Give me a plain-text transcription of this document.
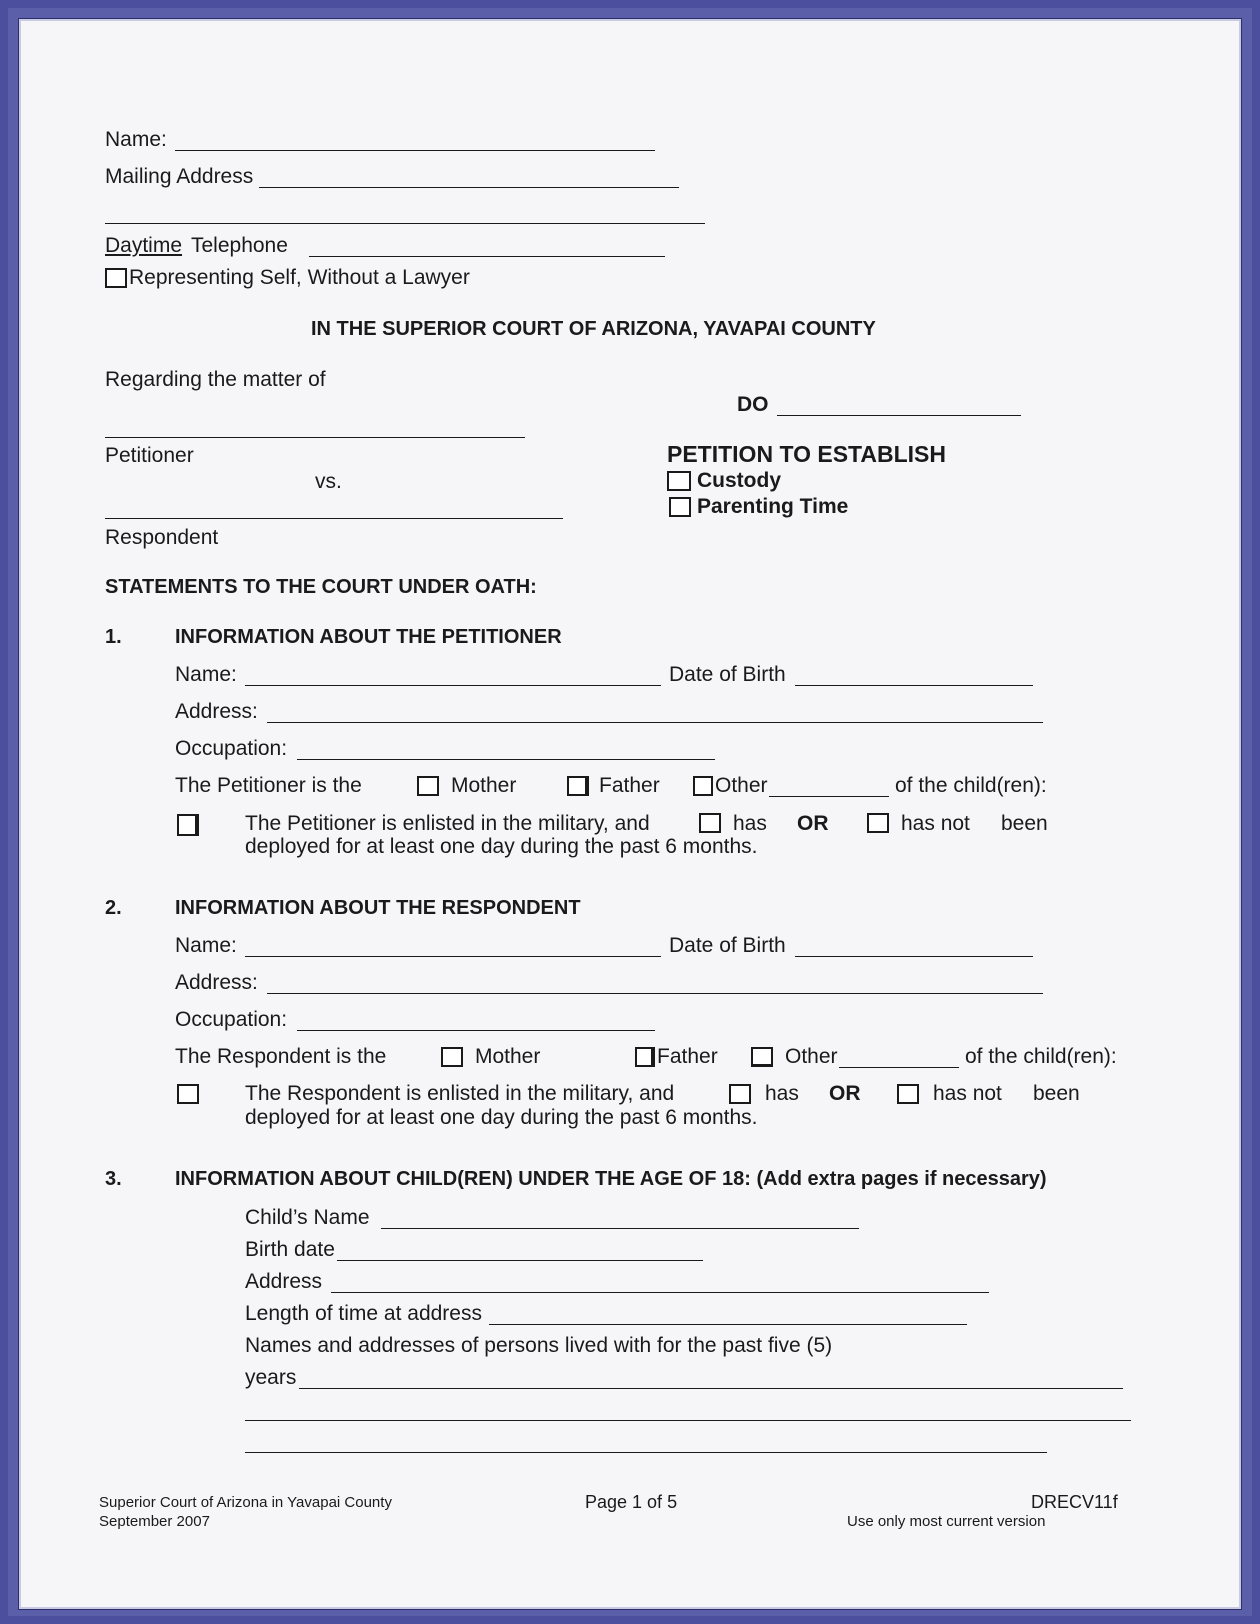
Name:
Mailing Address
Daytime Telephone
Representing Self, Without a Lawyer
IN THE SUPERIOR COURT OF ARIZONA, YAVAPAI COUNTY
Regarding the matter of
DO
Petitioner
vs.
Respondent
PETITION TO ESTABLISH
Custody
Parenting Time
STATEMENTS TO THE COURT UNDER OATH:
1.	INFORMATION ABOUT THE PETITIONER
Name:	Date of Birth
Address:
Occupation:
The Petitioner is the	Mother	Father	Other	of the child(ren):
The Petitioner is enlisted in the military, and	has OR	has not been
deployed for at least one day during the past 6 months.
2.	INFORMATION ABOUT THE RESPONDENT
Name:	Date of Birth
Address:
Occupation:
The Respondent is the	Mother	Father	Other	of the child(ren):
The Respondent is enlisted in the military, and	has OR	has not been
deployed for at least one day during the past 6 months.
3.	INFORMATION ABOUT CHILD(REN) UNDER THE AGE OF 18: (Add extra pages if necessary)
Child’s Name
Birth date
Address
Length of time at address
Names and addresses of persons lived with for the past five (5)
years
Superior Court of Arizona in Yavapai County
September 2007
Page 1 of 5	DRECV11f
Use only most current version
